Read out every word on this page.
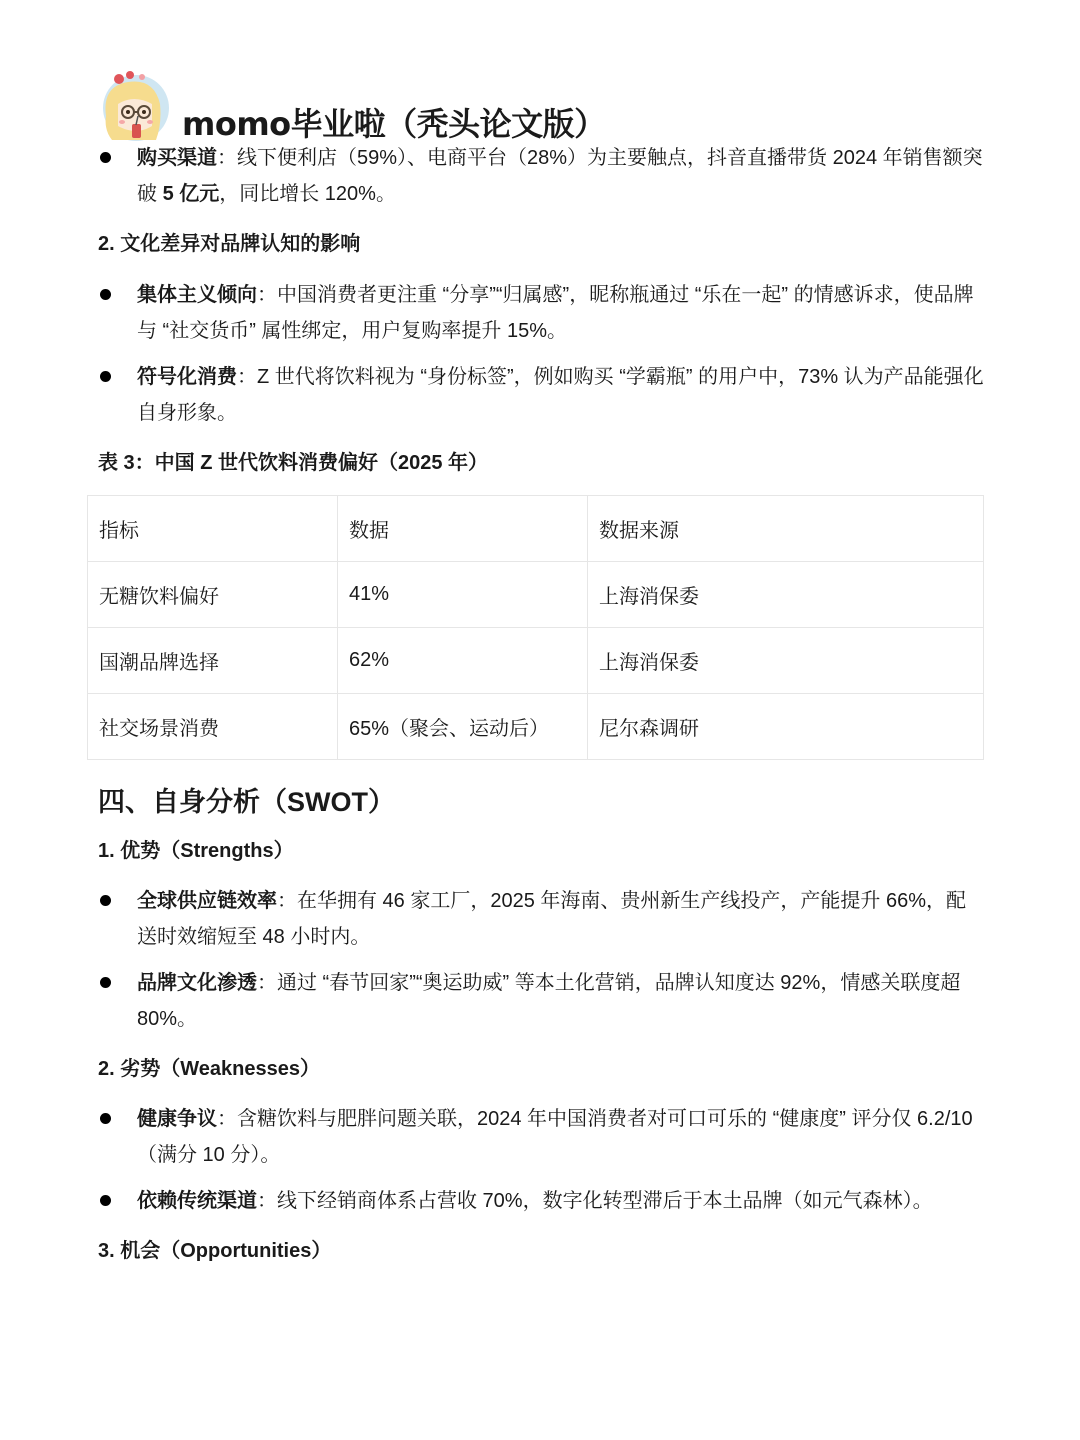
momo毕业啦（秃头论文版）

购买渠道：线下便利店（59%）、电商平台（28%）为主要触点，抖音直播带货 2024 年销售额突破 5 亿元，同比增长 120%。

2. 文化差异对品牌认知的影响

集体主义倾向：中国消费者更注重 “分享”“归属感”，昵称瓶通过 “乐在一起” 的情感诉求，使品牌与 “社交货币” 属性绑定，用户复购率提升 15%。

符号化消费：Z 世代将饮料视为 “身份标签”，例如购买 “学霸瓶” 的用户中，73% 认为产品能强化自身形象。

表 3：中国 Z 世代饮料消费偏好（2025 年）

指标	数据	数据来源
无糖饮料偏好	41%	上海消保委
国潮品牌选择	62%	上海消保委
社交场景消费	65%（聚会、运动后）	尼尔森调研

四、自身分析（SWOT）

1. 优势（Strengths）

全球供应链效率：在华拥有 46 家工厂，2025 年海南、贵州新生产线投产，产能提升 66%，配送时效缩短至 48 小时内。

品牌文化渗透：通过 “春节回家”“奥运助威” 等本土化营销，品牌认知度达 92%，情感关联度超 80%。

2. 劣势（Weaknesses）

健康争议：含糖饮料与肥胖问题关联，2024 年中国消费者对可口可乐的 “健康度” 评分仅 6.2/10（满分 10 分）。

依赖传统渠道：线下经销商体系占营收 70%，数字化转型滞后于本土品牌（如元气森林）。

3. 机会（Opportunities）
